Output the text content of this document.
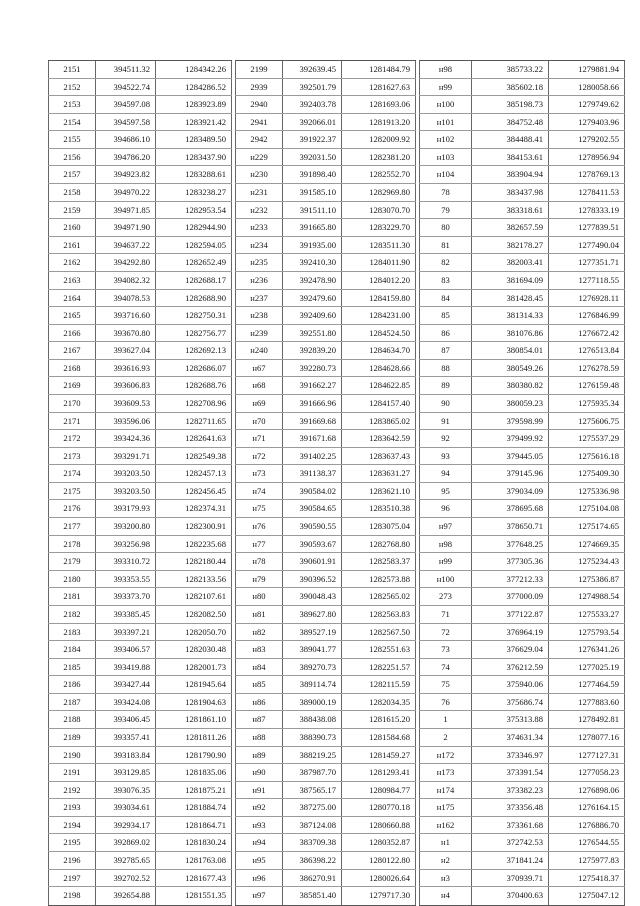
2151	394511.32	1284342.26
2152	394522.74	1284286.52
2153	394597.08	1283923.89
2154	394597.58	1283921.42
2155	394686.10	1283489.50
2156	394786.20	1283437.90
2157	394923.82	1283288.61
2158	394970.22	1283238.27
2159	394971.85	1282953.54
2160	394971.90	1282944.90
2161	394637.22	1282594.05
2162	394292.80	1282652.49
2163	394082.32	1282688.17
2164	394078.53	1282688.90
2165	393716.60	1282750.31
2166	393670.80	1282756.77
2167	393627.04	1282692.13
2168	393616.93	1282686.07
2169	393606.83	1282688.76
2170	393609.53	1282708.96
2171	393596.06	1282711.65
2172	393424.36	1282641.63
2173	393291.71	1282549.38
2174	393203.50	1282457.13
2175	393203.50	1282456.45
2176	393179.93	1282374.31
2177	393200.80	1282300.91
2178	393256.98	1282235.68
2179	393310.72	1282180.44
2180	393353.55	1282133.56
2181	393373.70	1282107.61
2182	393385.45	1282082.50
2183	393397.21	1282050.70
2184	393406.57	1282030.48
2185	393419.88	1282001.73
2186	393427.44	1281945.64
2187	393424.08	1281904.63
2188	393406.45	1281861.10
2189	393357.41	1281811.26
2190	393183.84	1281790.90
2191	393129.85	1281835.06
2192	393076.35	1281875.21
2193	393034.61	1281884.74
2194	392934.17	1281864.71
2195	392869.02	1281830.24
2196	392785.65	1281763.08
2197	392702.52	1281677.43
2198	392654.88	1281551.35
2199	392639.45	1281484.79
2939	392501.79	1281627.63
2940	392403.78	1281693.06
2941	392066.01	1281913.20
2942	391922.37	1282009.92
н229	392031.50	1282381.20
н230	391898.40	1282552.70
н231	391585.10	1282969.80
н232	391511.10	1283070.70
н233	391665.80	1283229.70
н234	391935.00	1283511.30
н235	392410.30	1284011.90
н236	392478.90	1284012.20
н237	392479.60	1284159.80
н238	392409.60	1284231.00
н239	392551.80	1284524.50
н240	392839.20	1284634.70
н67	392280.73	1284628.66
н68	391662.27	1284622.85
н69	391666.96	1284157.40
н70	391669.68	1283865.02
н71	391671.68	1283642.59
н72	391402.25	1283637.43
н73	391138.37	1283631.27
н74	390584.02	1283621.10
н75	390584.65	1283510.38
н76	390590.55	1283075.04
н77	390593.67	1282768.80
н78	390601.91	1282583.37
н79	390396.52	1282573.88
н80	390048.43	1282565.02
н81	389627.80	1282563.83
н82	389527.19	1282567.50
н83	389041.77	1282551.63
н84	389270.73	1282251.57
н85	389114.74	1282115.59
н86	389000.19	1282034.35
н87	388438.08	1281615.20
н88	388390.73	1281584.68
н89	388219.25	1281459.27
н90	387987.70	1281293.41
н91	387565.17	1280984.77
н92	387275.00	1280770.18
н93	387124.08	1280660.88
н94	383709.38	1280352.87
н95	386398.22	1280122.80
н96	386270.91	1280026.64
н97	385851.40	1279717.30
н98	385733.22	1279881.94
н99	385602.18	1280058.66
н100	385198.73	1279749.62
н101	384752.48	1279403.96
н102	384488.41	1279202.55
н103	384153.61	1278956.94
н104	383904.94	1278769.13
78	383437.98	1278411.53
79	383318.61	1278333.19
80	382657.59	1277839.51
81	382178.27	1277490.04
82	382003.41	1277351.71
83	381694.09	1277118.55
84	381428.45	1276928.11
85	381314.33	1276846.99
86	381076.86	1276672.42
87	380854.01	1276513.84
88	380549.26	1276278.59
89	380380.82	1276159.48
90	380059.23	1275935.34
91	379598.99	1275606.75
92	379499.92	1275537.29
93	379445.05	1275616.18
94	379145.96	1275409.30
95	379034.09	1275336.98
96	378695.68	1275104.08
н97	378650.71	1275174.65
н98	377648.25	1274669.35
н99	377305.36	1275234.43
н100	377212.33	1275386.87
273	377000.09	1274988.54
71	377122.87	1275533.27
72	376964.19	1275793.54
73	376629.04	1276341.26
74	376212.59	1277025.19
75	375940.06	1277464.59
76	375686.74	1277883.60
1	375313.88	1278492.81
2	374631.34	1278077.16
н172	373346.97	1277127.31
н173	373391.54	1277058.23
н174	373382.23	1276898.06
н175	373356.48	1276164.15
н162	373361.68	1276886.70
н1	372742.53	1276544.55
н2	371841.24	1275977.83
н3	370939.71	1275418.37
н4	370400.63	1275047.12
